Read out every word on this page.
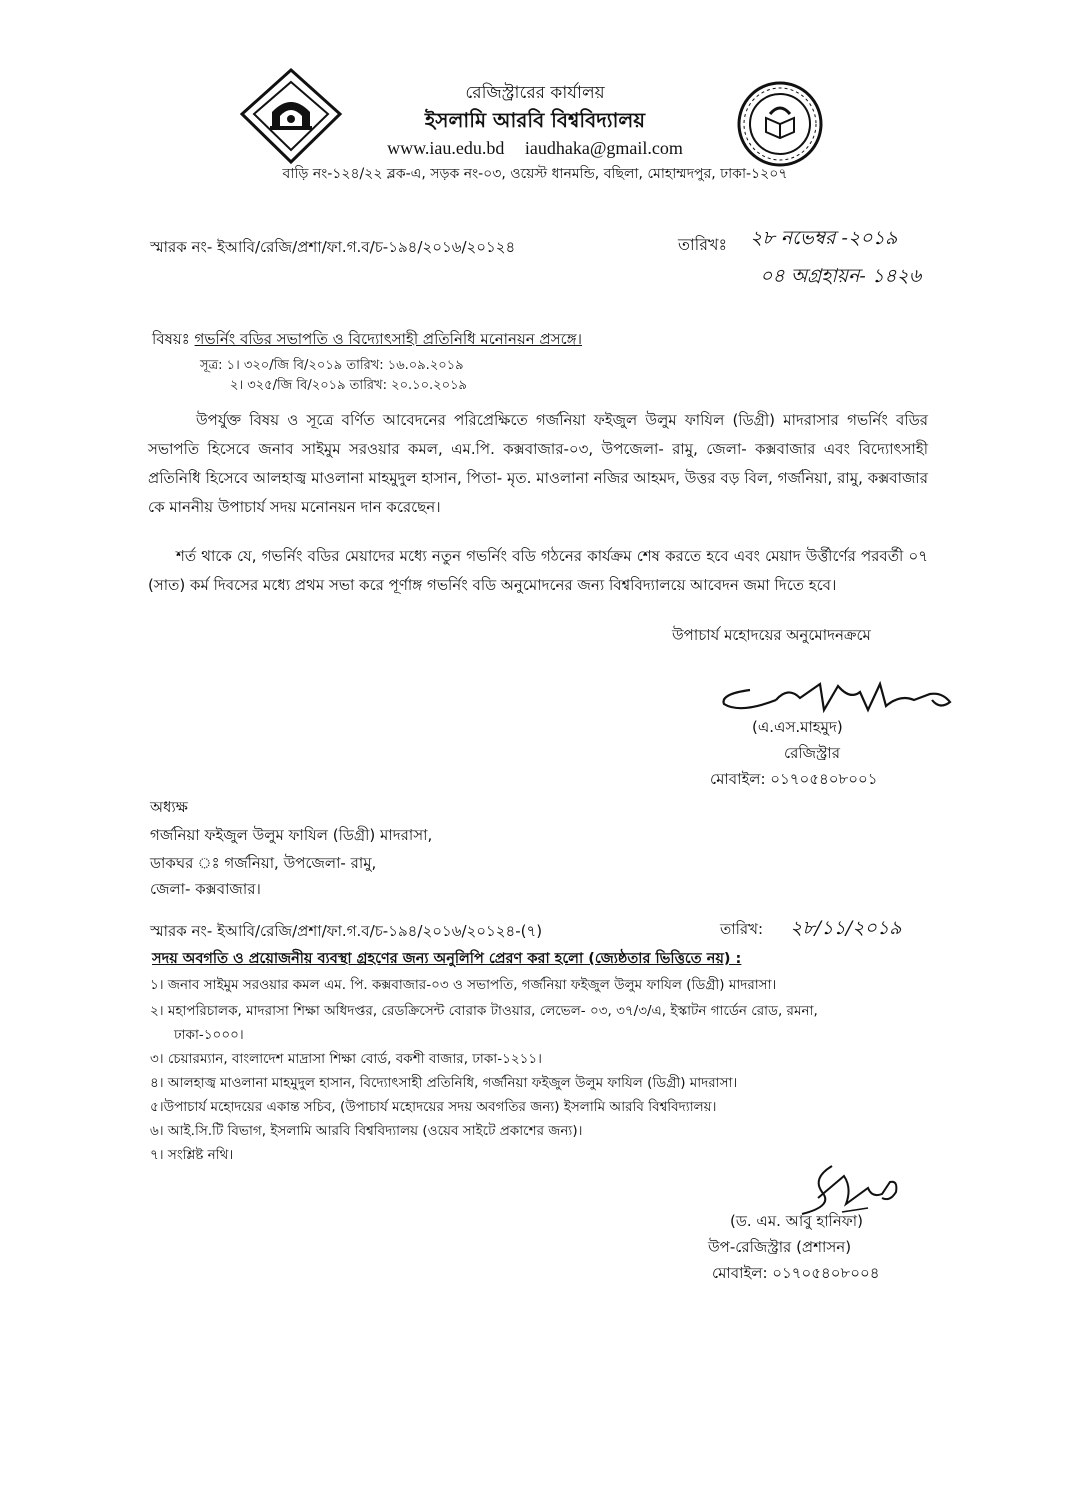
রেজিস্ট্রারের কার্যালয়
ইসলামি আরবি বিশ্ববিদ্যালয়
www.iau.edu.bd iaudhaka@gmail.com
বাড়ি নং-১২৪/২২ ব্লক-এ, সড়ক নং-০৩, ওয়েস্ট ধানমন্ডি, বছিলা, মোহাম্মদপুর, ঢাকা-১২০৭
স্মারক নং- ইআবি/রেজি/প্রশা/ফা.গ.ব/চ-১৯৪/২০১৬/২০১২৪	তারিখঃ ২৮ নভেম্বর -২০১৯
০৪ অগ্রহায়ন- ১৪২৬
বিষয়ঃ গভর্নিং বডির সভাপতি ও বিদ্যোৎসাহী প্রতিনিধি মনোনয়ন প্রসঙ্গে।
সূত্র: ১। ৩২০/জি বি/২০১৯ তারিখ: ১৬.০৯.২০১৯
২। ৩২৫/জি বি/২০১৯ তারিখ: ২০.১০.২০১৯
উপর্যুক্ত বিষয় ও সূত্রে বর্ণিত আবেদনের পরিপ্রেক্ষিতে গর্জনিয়া ফইজুল উলুম ফাযিল (ডিগ্রী) মাদরাসার গভর্নিং বডির সভাপতি হিসেবে জনাব সাইমুম সরওয়ার কমল, এম.পি. কক্সবাজার-০৩, উপজেলা- রামু, জেলা- কক্সবাজার এবং বিদ্যোৎসাহী প্রতিনিধি হিসেবে আলহাজ্ব মাওলানা মাহমুদুল হাসান, পিতা- মৃত. মাওলানা নজির আহমদ, উত্তর বড় বিল, গর্জনিয়া, রামু, কক্সবাজার কে মাননীয় উপাচার্য সদয় মনোনয়ন দান করেছেন।
শর্ত থাকে যে, গভর্নিং বডির মেয়াদের মধ্যে নতুন গভর্নিং বডি গঠনের কার্যক্রম শেষ করতে হবে এবং মেয়াদ উর্ত্তীর্ণের পরবর্তী ০৭ (সাত) কর্ম দিবসের মধ্যে প্রথম সভা করে পূর্ণাঙ্গ গভর্নিং বডি অনুমোদনের জন্য বিশ্ববিদ্যালয়ে আবেদন জমা দিতে হবে।
উপাচার্য মহোদয়ের অনুমোদনক্রমে
(এ.এস.মাহমুদ)
রেজিস্ট্রার
মোবাইল: ০১৭০৫৪০৮০০১
অধ্যক্ষ
গর্জনিয়া ফইজুল উলুম ফাযিল (ডিগ্রী) মাদরাসা,
ডাকঘর ঃ গর্জনিয়া, উপজেলা- রামু,
জেলা- কক্সবাজার।
স্মারক নং- ইআবি/রেজি/প্রশা/ফা.গ.ব/চ-১৯৪/২০১৬/২০১২৪-(৭)	তারিখ: ২৮/১১/২০১৯
সদয় অবগতি ও প্রয়োজনীয় ব্যবস্থা গ্রহণের জন্য অনুলিপি প্রেরণ করা হলো (জ্যেষ্ঠতার ভিত্তিতে নয়) :
১। জনাব সাইমুম সরওয়ার কমল এম. পি. কক্সবাজার-০৩ ও সভাপতি, গর্জনিয়া ফইজুল উলুম ফাযিল (ডিগ্রী) মাদরাসা।
২। মহাপরিচালক, মাদরাসা শিক্ষা অধিদপ্তর, রেডক্রিসেন্ট বোরাক টাওয়ার, লেভেল- ০৩, ৩৭/৩/এ, ইস্কাটন গার্ডেন রোড, রমনা,
ঢাকা-১০০০।
৩। চেয়ারম্যান, বাংলাদেশ মাদ্রাসা শিক্ষা বোর্ড, বকশী বাজার, ঢাকা-১২১১।
৪। আলহাজ্ব মাওলানা মাহমুদুল হাসান, বিদ্যোৎসাহী প্রতিনিধি, গর্জনিয়া ফইজুল উলুম ফাযিল (ডিগ্রী) মাদরাসা।
৫।উপাচার্য মহোদয়ের একান্ত সচিব, (উপাচার্য মহোদয়ের সদয় অবগতির জন্য) ইসলামি আরবি বিশ্ববিদ্যালয়।
৬। আই.সি.টি বিভাগ, ইসলামি আরবি বিশ্ববিদ্যালয় (ওয়েব সাইটে প্রকাশের জন্য)।
৭। সংশ্লিষ্ট নথি।
(ড. এম. আবু হানিফা)
উপ-রেজিস্ট্রার (প্রশাসন)
মোবাইল: ০১৭০৫৪০৮০০৪
